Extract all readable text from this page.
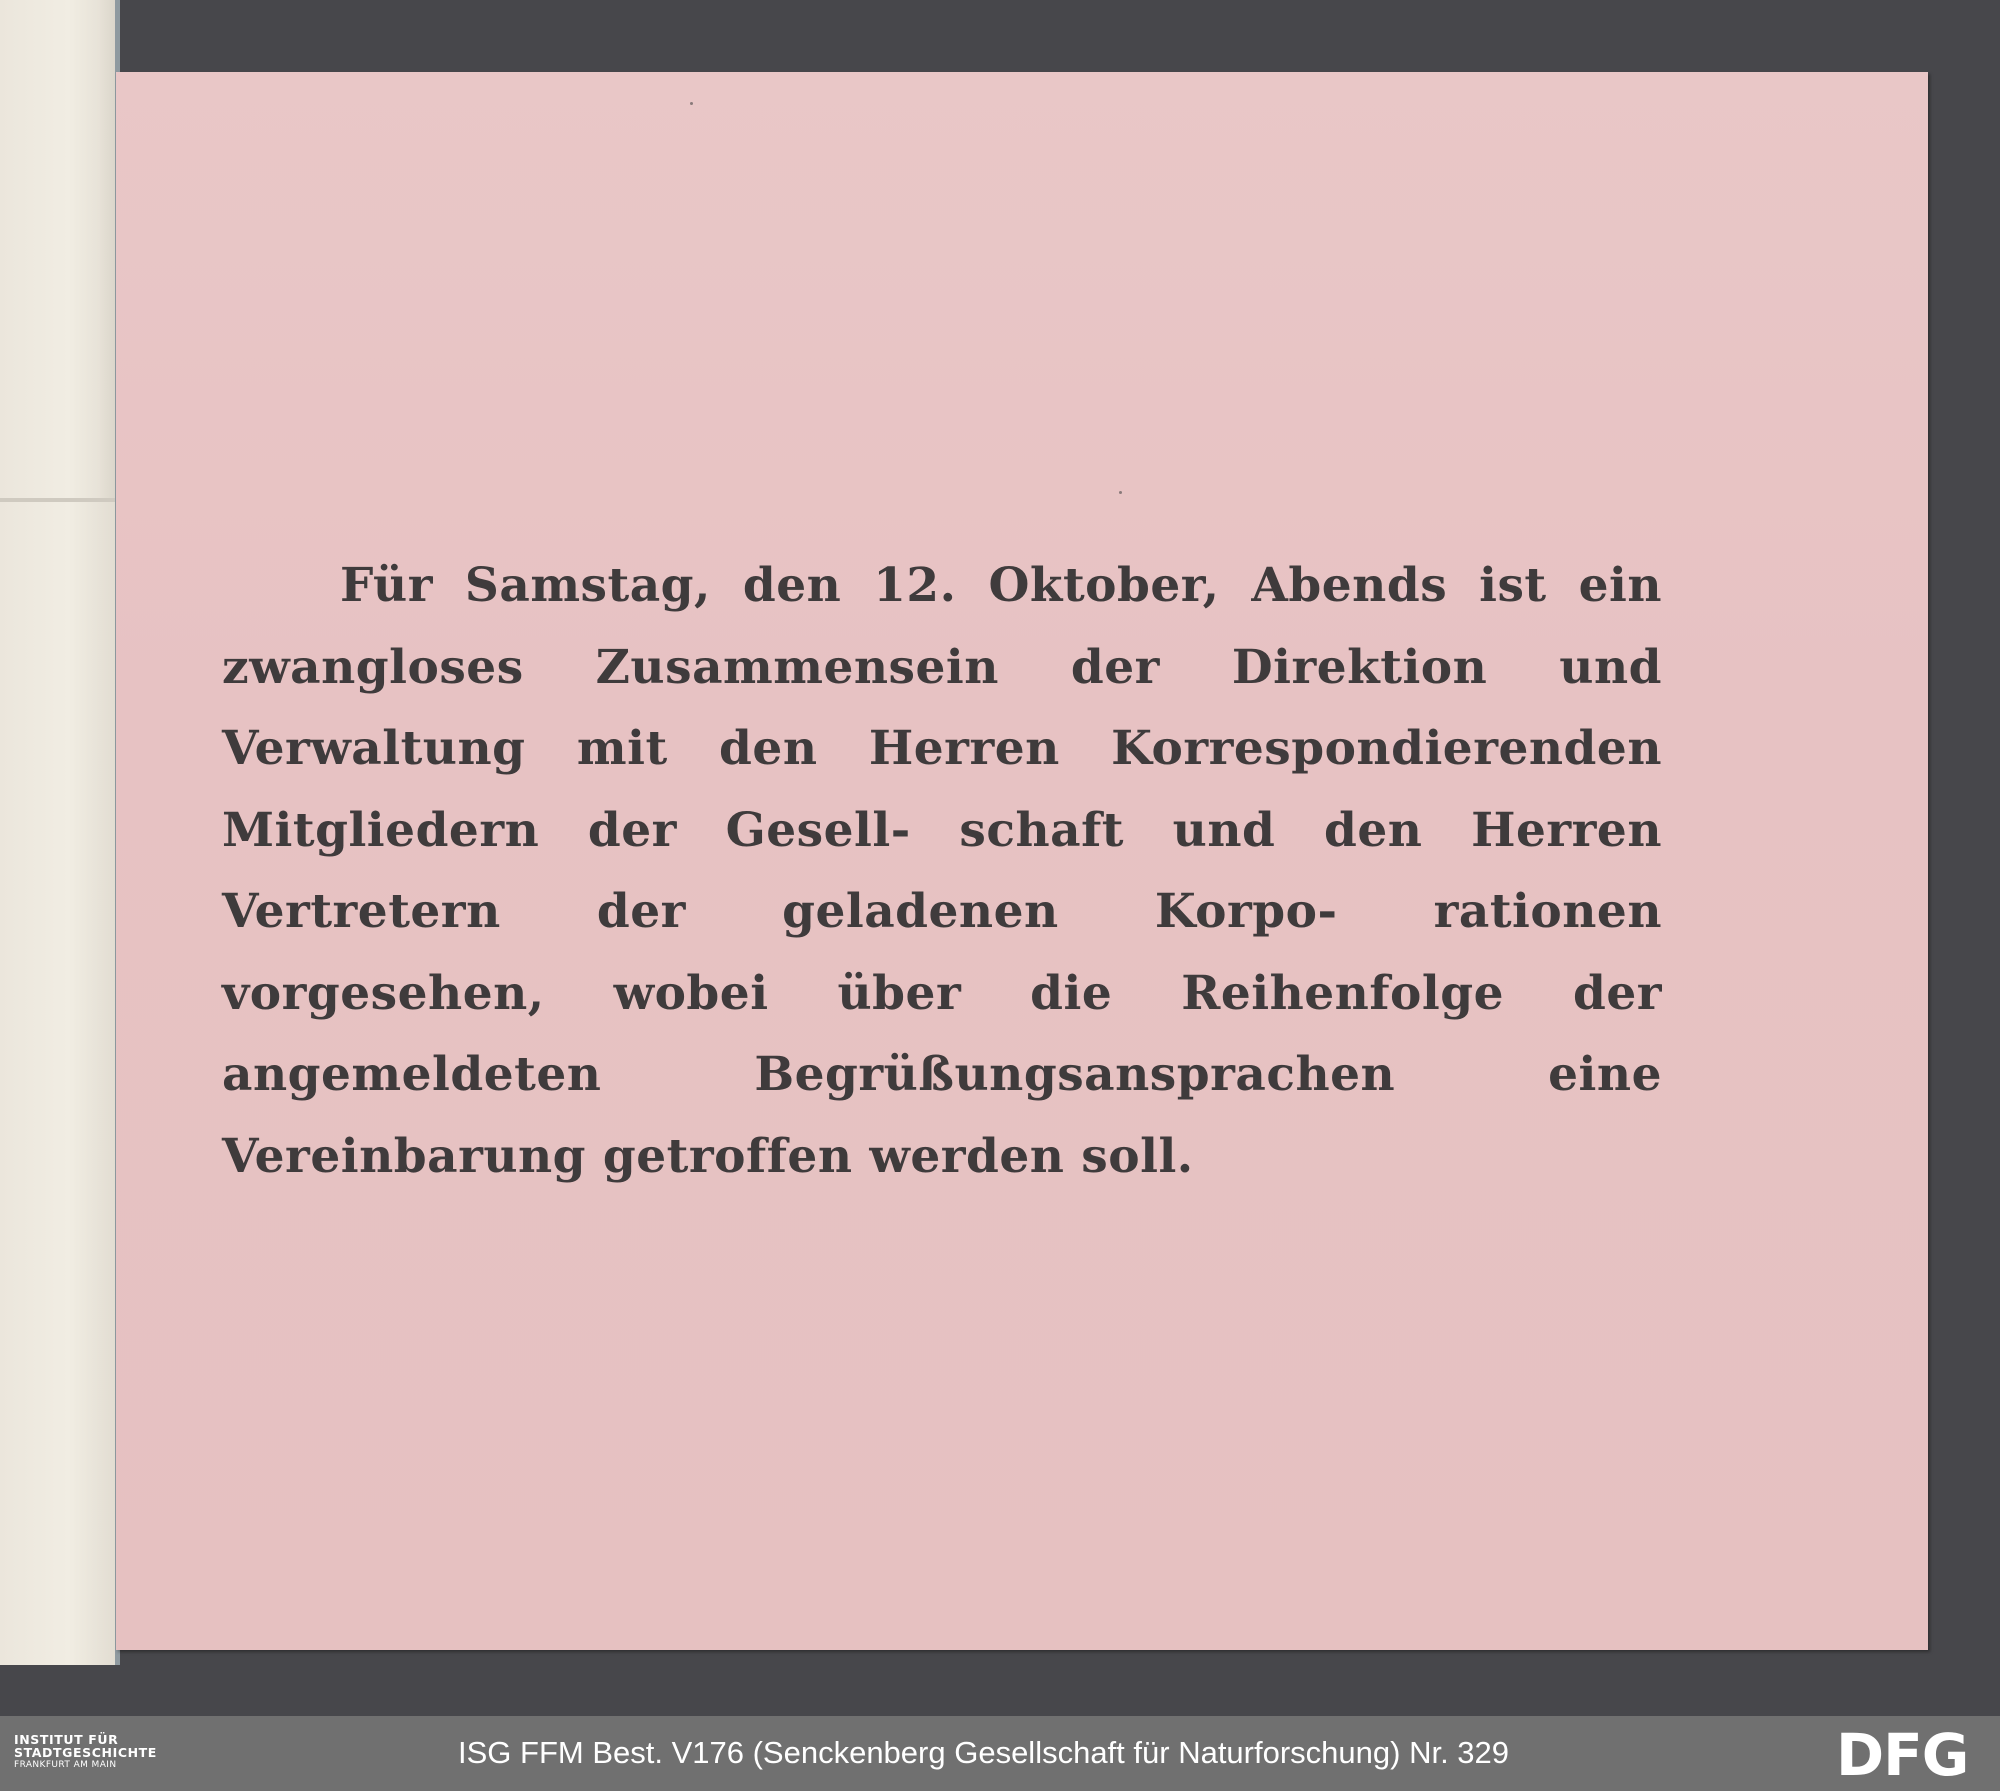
Für Samstag, den 12. Oktober, Abends ist ein zwangloses Zusammensein der Direktion und Verwaltung mit den Herren Korrespondierenden Mitgliedern der Gesell- schaft und den Herren Vertretern der geladenen Korpo- rationen vorgesehen, wobei über die Reihenfolge der angemeldeten Begrüßungsansprachen eine Vereinbarung getroffen werden soll.

INSTITUT FÜR
STADTGESCHICHTE
FRANKFURT AM MAIN	ISG FFM Best. V176 (Senckenberg Gesellschaft für Naturforschung) Nr. 329	DFG
